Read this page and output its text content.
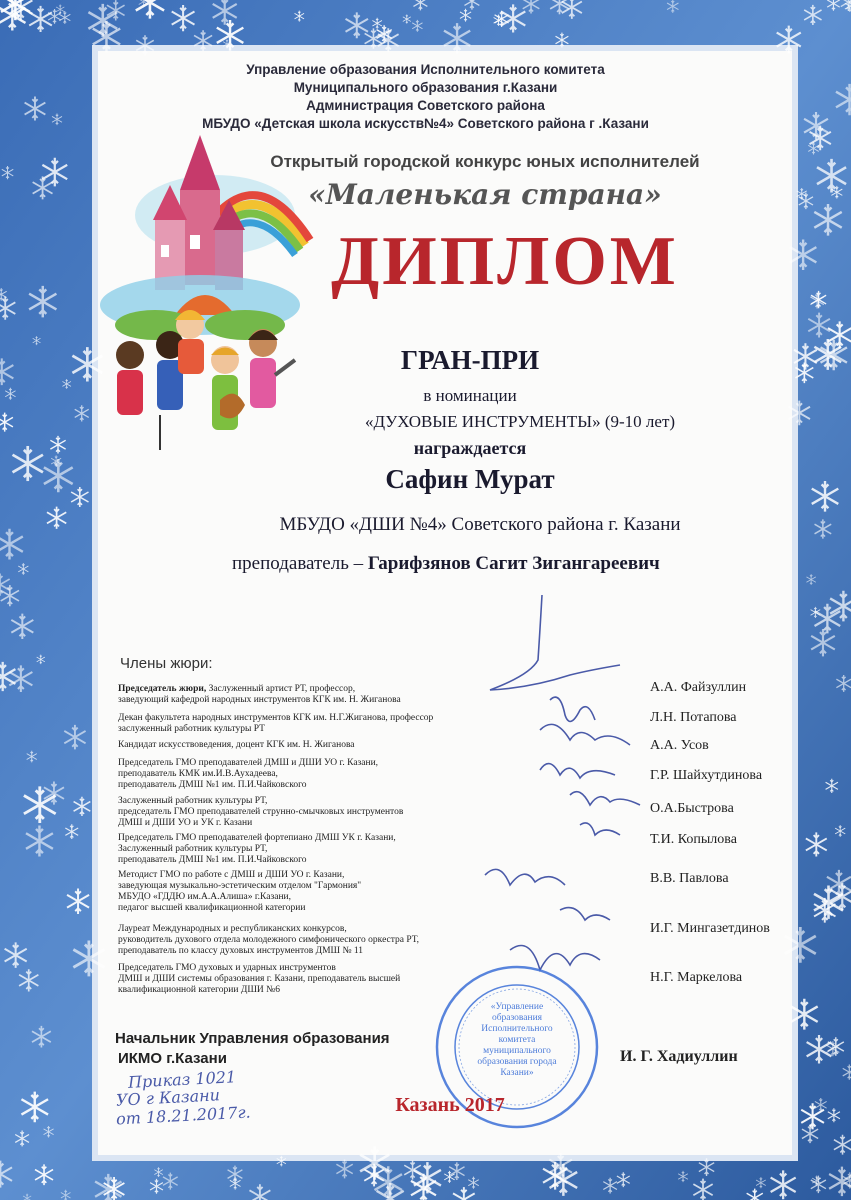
Управление образования Исполнительного комитета
Муниципального образования г.Казани
Администрация Советского района
МБУДО «Детская школа искусств№4» Советского района г .Казани
Открытый городской конкурс юных исполнителей
«Маленькая страна»
ДИПЛОМ
ГРАН-ПРИ
в номинации
«ДУХОВЫЕ ИНСТРУМЕНТЫ» (9-10 лет)
награждается
Сафин Мурат
МБУДО «ДШИ №4» Советского района г. Казани
преподаватель – Гарифзянов Сагит Зигангареевич
Члены жюри:
Председатель жюри, Заслуженный артист РТ, профессор,
заведующий кафедрой народных инструментов КГК им. Н. Жиганова
А.А. Файзуллин
Декан факультета народных инструментов КГК им. Н.Г.Жиганова, профессор
заслуженный работник культуры РТ
Л.Н. Потапова
Кандидат искусствоведения, доцент КГК им. Н. Жиганова	А.А. Усов
Председатель ГМО преподавателей ДМШ и ДШИ УО г. Казани,
преподаватель КМК им.И.В.Аухадеева,
преподаватель ДМШ №1 им. П.И.Чайковского
Г.Р. Шайхутдинова
Заслуженный работник культуры РТ,
председатель ГМО преподавателей струнно-смычковых инструментов
ДМШ и ДШИ УО и УК г. Казани
О.А.Быстрова
Председатель ГМО преподавателей фортепиано ДМШ УК г. Казани,
Заслуженный работник культуры РТ,
преподаватель ДМШ №1 им. П.И.Чайковского
Т.И. Копылова
Методист ГМО по работе с ДМШ и ДШИ УО г. Казани,
заведующая музыкально-эстетическим отделом "Гармония"
МБУДО «ГДДЮ им.А.А.Алиша» г.Казани,
педагог высшей квалификационной категории
В.В. Павлова
Лауреат Международных и республиканских конкурсов,
руководитель духового отдела молодежного симфонического оркестра РТ,
преподаватель по классу духовых инструментов ДМШ № 11
И.Г. Мингазетдинов
Председатель ГМО духовых и ударных инструментов
ДМШ и ДШИ системы образования г. Казани, преподаватель высшей
квалификационной категории ДШИ №6
Н.Г. Маркелова
«Управление образования Исполнительного комитета муниципального образования города Казани»
Начальник Управления образования
ИКМО г.Казани	И. Г. Хадиуллин
Приказ 1021
УО г Казани
от 18.21.2017г.	Казань 2017
